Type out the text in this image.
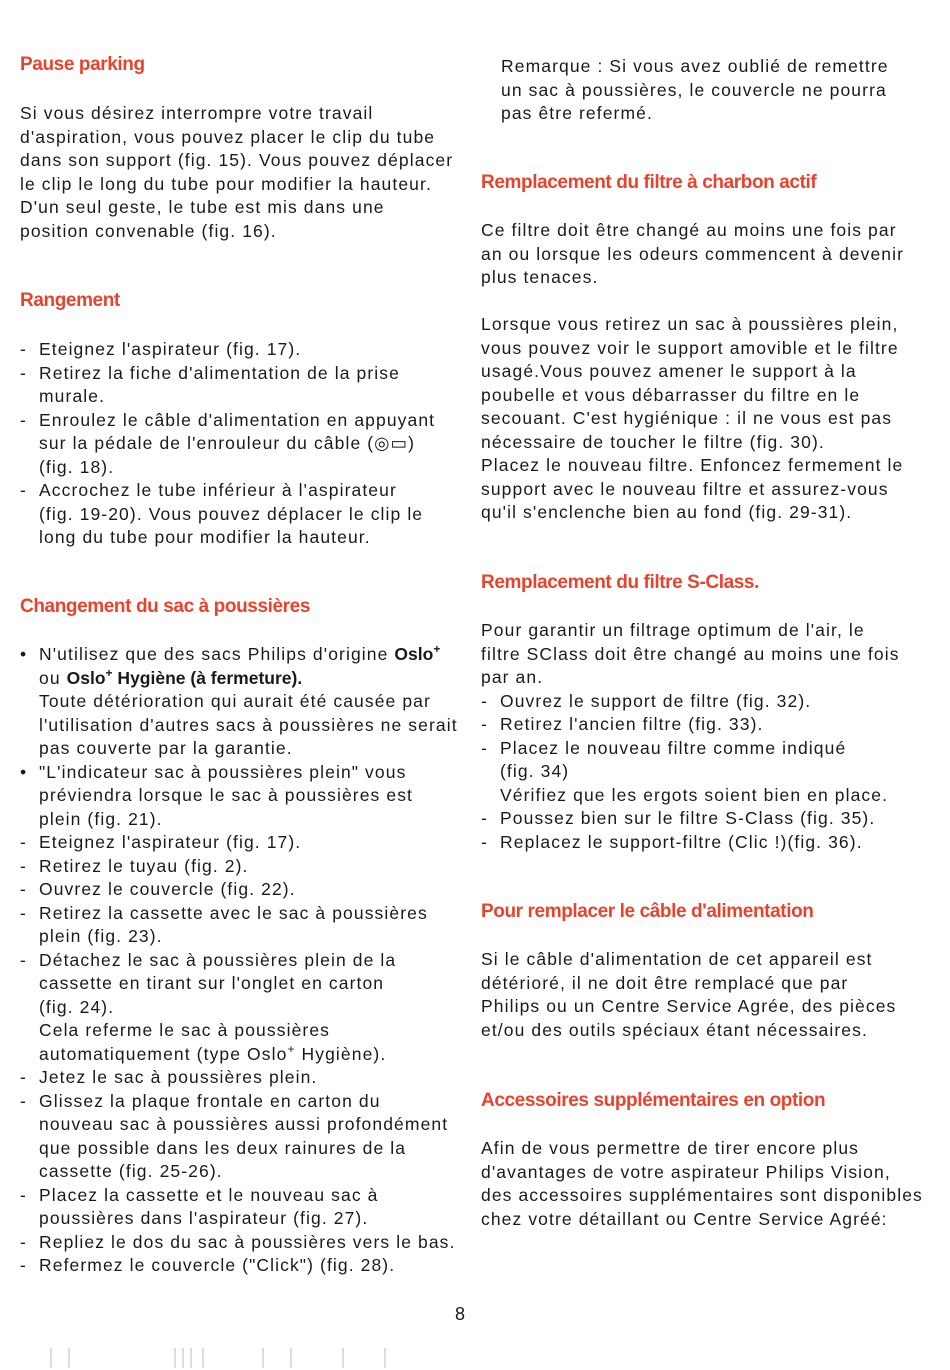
Pause parking
Si vous désirez interrompre votre travail
d'aspiration, vous pouvez placer le clip du tube
dans son support (fig. 15). Vous pouvez déplacer
le clip le long du tube pour modifier la hauteur.
D'un seul geste, le tube est mis dans une
position convenable (fig. 16).
Rangement
- Eteignez l'aspirateur (fig. 17).
- Retirez la fiche d'alimentation de la prise
murale.
- Enroulez le câble d'alimentation en appuyant
sur la pédale de l'enrouleur du câble (◎▭)
(fig. 18).
- Accrochez le tube inférieur à l'aspirateur
(fig. 19-20). Vous pouvez déplacer le clip le
long du tube pour modifier la hauteur.
Changement du sac à poussières
• N'utilisez que des sacs Philips d'origine Oslo+
ou Oslo+ Hygiène (à fermeture).
Toute détérioration qui aurait été causée par
l'utilisation d'autres sacs à poussières ne serait
pas couverte par la garantie.
• "L'indicateur sac à poussières plein" vous
préviendra lorsque le sac à poussières est
plein (fig. 21).
- Eteignez l'aspirateur (fig. 17).
- Retirez le tuyau (fig. 2).
- Ouvrez le couvercle (fig. 22).
- Retirez la cassette avec le sac à poussières
plein (fig. 23).
- Détachez le sac à poussières plein de la
cassette en tirant sur l'onglet en carton
(fig. 24).
Cela referme le sac à poussières
automatiquement (type Oslo+ Hygiène).
- Jetez le sac à poussières plein.
- Glissez la plaque frontale en carton du
nouveau sac à poussières aussi profondément
que possible dans les deux rainures de la
cassette (fig. 25-26).
- Placez la cassette et le nouveau sac à
poussières dans l'aspirateur (fig. 27).
- Repliez le dos du sac à poussières vers le bas.
- Refermez le couvercle ("Click") (fig. 28).
Remarque : Si vous avez oublié de remettre
un sac à poussières, le couvercle ne pourra
pas être refermé.
Remplacement du filtre à charbon actif
Ce filtre doit être changé au moins une fois par
an ou lorsque les odeurs commencent à devenir
plus tenaces.
Lorsque vous retirez un sac à poussières plein,
vous pouvez voir le support amovible et le filtre
usagé.Vous pouvez amener le support à la
poubelle et vous débarrasser du filtre en le
secouant. C'est hygiénique : il ne vous est pas
nécessaire de toucher le filtre (fig. 30).
Placez le nouveau filtre. Enfoncez fermement le
support avec le nouveau filtre et assurez-vous
qu'il s'enclenche bien au fond (fig. 29-31).
Remplacement du filtre S-Class.
Pour garantir un filtrage optimum de l'air, le
filtre SClass doit être changé au moins une fois
par an.
- Ouvrez le support de filtre (fig. 32).
- Retirez l'ancien filtre (fig. 33).
- Placez le nouveau filtre comme indiqué
(fig. 34)
Vérifiez que les ergots soient bien en place.
- Poussez bien sur le filtre S-Class (fig. 35).
- Replacez le support-filtre (Clic !)(fig. 36).
Pour remplacer le câble d'alimentation
Si le câble d'alimentation de cet appareil est
détérioré, il ne doit être remplacé que par
Philips ou un Centre Service Agrée, des pièces
et/ou des outils spéciaux étant nécessaires.
Accessoires supplémentaires en option
Afin de vous permettre de tirer encore plus
d'avantages de votre aspirateur Philips Vision,
des accessoires supplémentaires sont disponibles
chez votre détaillant ou Centre Service Agréé:
8
